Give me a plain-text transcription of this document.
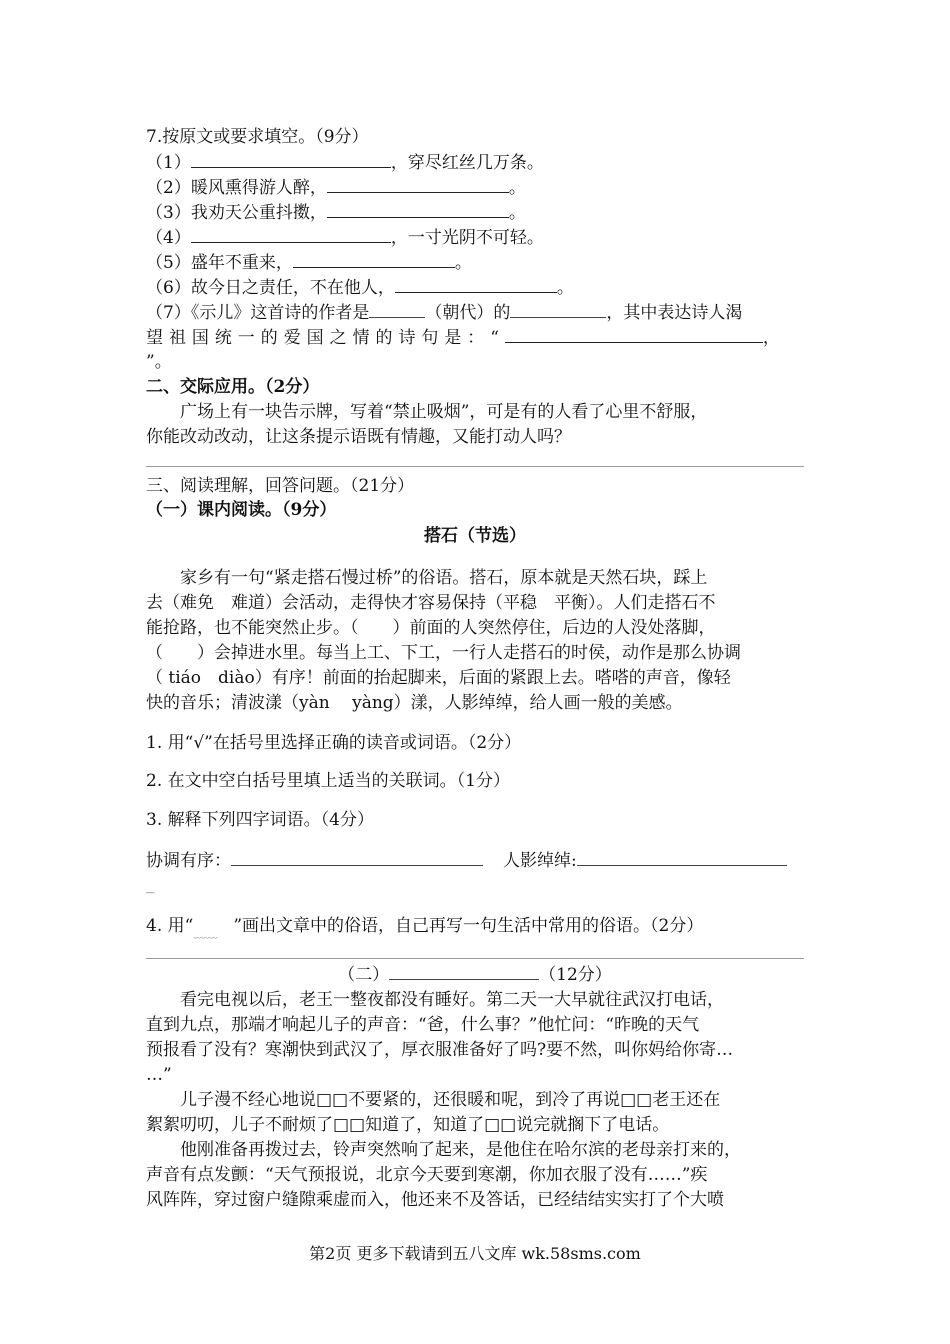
7.按原文或要求填空。（9分）
（1）	，穿尽红丝几万条。
（2）暖风熏得游人醉，	。
（3）我劝天公重抖擞，	。
（4）	，一寸光阴不可轻。
（5）盛年不重来，	。
（6）故今日之责任，不在他人，	。
（7）《示儿》这首诗的作者是	（朝代）的	，其中表达诗人渴
望祖国统一的爱国之情的诗句是：“	，
”。
二、交际应用。（2分）
广场上有一块告示牌，写着“禁止吸烟”，可是有的人看了心里不舒服，
你能改动改动，让这条提示语既有情趣，又能打动人吗？
三、阅读理解，回答问题。（21分）
（一）课内阅读。（9分）
搭石（节选）
家乡有一句“紧走搭石慢过桥”的俗语。搭石，原本就是天然石块，踩上
去（难免　难道）会活动，走得快才容易保持（平稳　平衡）。人们走搭石不
能抢路，也不能突然止步。（　　）前面的人突然停住，后边的人没处落脚，
（　　）会掉进水里。每当上工、下工，一行人走搭石的时侯，动作是那么协调
（ tiáo　diào）有序！前面的抬起脚来，后面的紧跟上去。嗒嗒的声音，像轻
快的音乐；清波漾（yàn　 yàng）漾，人影绰绰，给人画一般的美感。
1. 用“√”在括号里选择正确的读音或词语。（2分）
2. 在文中空白括号里填上适当的关联词。（1分）
3. 解释下列四字词语。（4分）
协调有序：	人影绰绰:
_
4. 用“﹏﹏ ”画出文章中的俗语，自己再写一句生活中常用的俗语。（2分）
（二）	（12分）
看完电视以后，老王一整夜都没有睡好。第二天一大早就往武汉打电话，
直到九点，那端才响起儿子的声音：“爸，什么事？”他忙问：“昨晚的天气
预报看了没有？寒潮快到武汉了，厚衣服准备好了吗?要不然，叫你妈给你寄…
…”
儿子漫不经心地说□□不要紧的，还很暖和呢，到冷了再说□□老王还在
絮絮叨叨，儿子不耐烦了□□知道了，知道了□□说完就搁下了电话。
他刚准备再拨过去，铃声突然响了起来，是他住在哈尔滨的老母亲打来的，
声音有点发颤：“天气预报说，北京今天要到寒潮，你加衣服了没有……”疾
风阵阵，穿过窗户缝隙乘虚而入，他还来不及答话，已经结结实实打了个大喷
第2页 更多下载请到五八文库 wk.58sms.com
